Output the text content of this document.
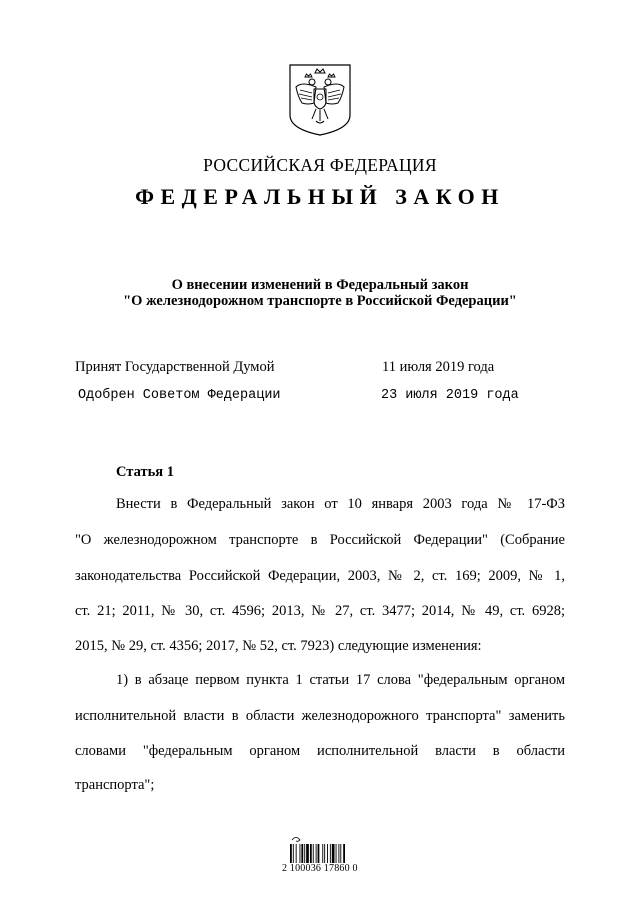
РОССИЙСКАЯ ФЕДЕРАЦИЯ
ФЕДЕРАЛЬНЫЙ ЗАКОН
О внесении изменений в Федеральный закон
"О железнодорожном транспорте в Российской Федерации"
Принят Государственной Думой	11 июля 2019 года
Одобрен Советом Федерации	23 июля 2019 года
Статья 1
Внести в Федеральный закон от 10 января 2003 года № 17-ФЗ
"О железнодорожном транспорте в Российской Федерации" (Собрание
законодательства Российской Федерации, 2003, № 2, ст. 169; 2009, № 1,
ст. 21; 2011, № 30, ст. 4596; 2013, № 27, ст. 3477; 2014, № 49, ст. 6928;
2015, № 29, ст. 4356; 2017, № 52, ст. 7923) следующие изменения:
1) в абзаце первом пункта 1 статьи 17 слова "федеральным органом
исполнительной власти в области железнодорожного транспорта" заменить
словами "федеральным органом исполнительной власти в области
транспорта";
2 100036 17860 0
